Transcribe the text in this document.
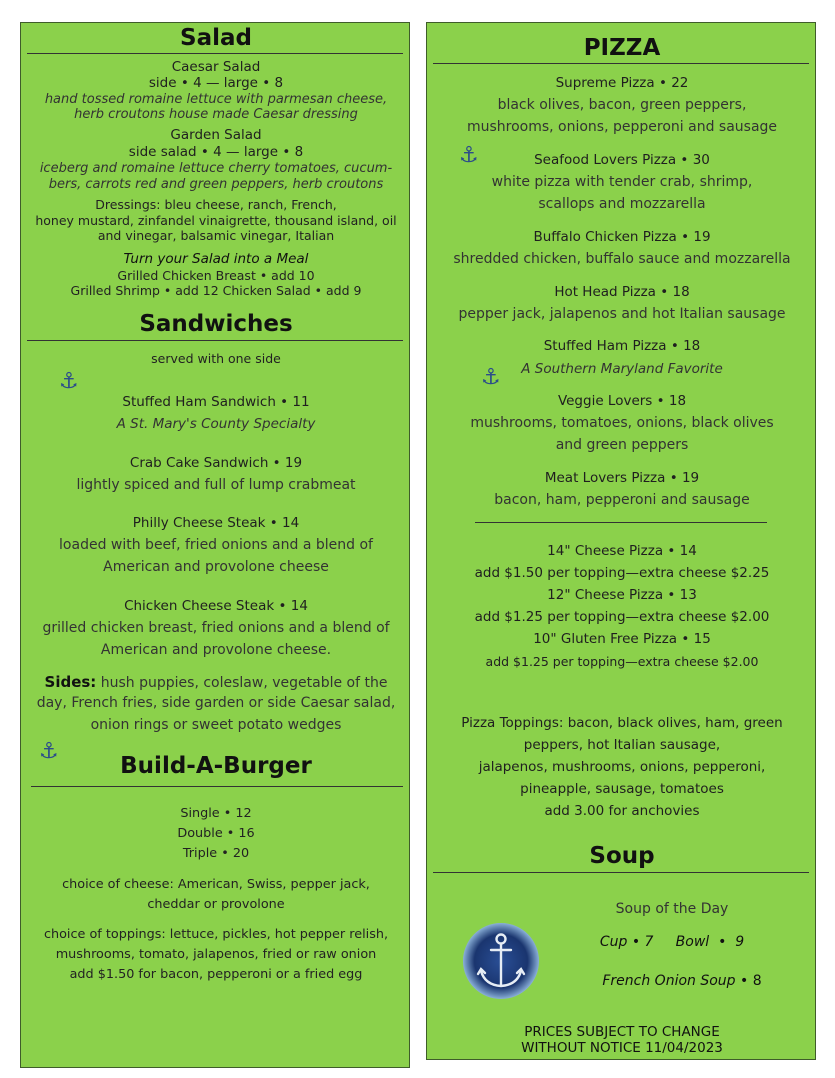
Salad
Caesar Salad
side • 4 — large • 8
hand tossed romaine lettuce with parmesan cheese,
herb croutons house made Caesar dressing
Garden Salad
side salad • 4 — large • 8
iceberg and romaine lettuce cherry tomatoes, cucum-
bers, carrots red and green peppers, herb croutons
Dressings: bleu cheese, ranch, French,
honey mustard, zinfandel vinaigrette, thousand island, oil
and vinegar, balsamic vinegar, Italian
Turn your Salad into a Meal
Grilled Chicken Breast • add 10
Grilled Shrimp • add 12 Chicken Salad • add 9
Sandwiches
served with one side
⚓
Stuffed Ham Sandwich • 11
A St. Mary's County Specialty
Crab Cake Sandwich • 19
lightly spiced and full of lump crabmeat
Philly Cheese Steak • 14
loaded with beef, fried onions and a blend of
American and provolone cheese
Chicken Cheese Steak • 14
grilled chicken breast, fried onions and a blend of
American and provolone cheese.
Sides: hush puppies, coleslaw, vegetable of the
day, French fries, side garden or side Caesar salad,
onion rings or sweet potato wedges
⚓
Build-A-Burger
Single • 12
Double • 16
Triple • 20
choice of cheese: American, Swiss, pepper jack,
cheddar or provolone
choice of toppings: lettuce, pickles, hot pepper relish,
mushrooms, tomato, jalapenos, fried or raw onion
add $1.50 for bacon, pepperoni or a fried egg
PIZZA
Supreme Pizza • 22
black olives, bacon, green peppers,
mushrooms, onions, pepperoni and sausage
⚓	Seafood Lovers Pizza • 30
white pizza with tender crab, shrimp,
scallops and mozzarella
Buffalo Chicken Pizza • 19
shredded chicken, buffalo sauce and mozzarella
Hot Head Pizza • 18
pepper jack, jalapenos and hot Italian sausage
Stuffed Ham Pizza • 18
⚓	A Southern Maryland Favorite
Veggie Lovers • 18
mushrooms, tomatoes, onions, black olives
and green peppers
Meat Lovers Pizza • 19
bacon, ham, pepperoni and sausage
14" Cheese Pizza • 14
add $1.50 per topping—extra cheese $2.25
12" Cheese Pizza • 13
add $1.25 per topping—extra cheese $2.00
10" Gluten Free Pizza • 15
add $1.25 per topping—extra cheese $2.00
Pizza Toppings: bacon, black olives, ham, green
peppers, hot Italian sausage,
jalapenos, mushrooms, onions, pepperoni,
pineapple, sausage, tomatoes
add 3.00 for anchovies
Soup
Soup of the Day
Cup • 7     Bowl  •  9
French Onion Soup • 8
PRICES SUBJECT TO CHANGE
WITHOUT NOTICE 11/04/2023
